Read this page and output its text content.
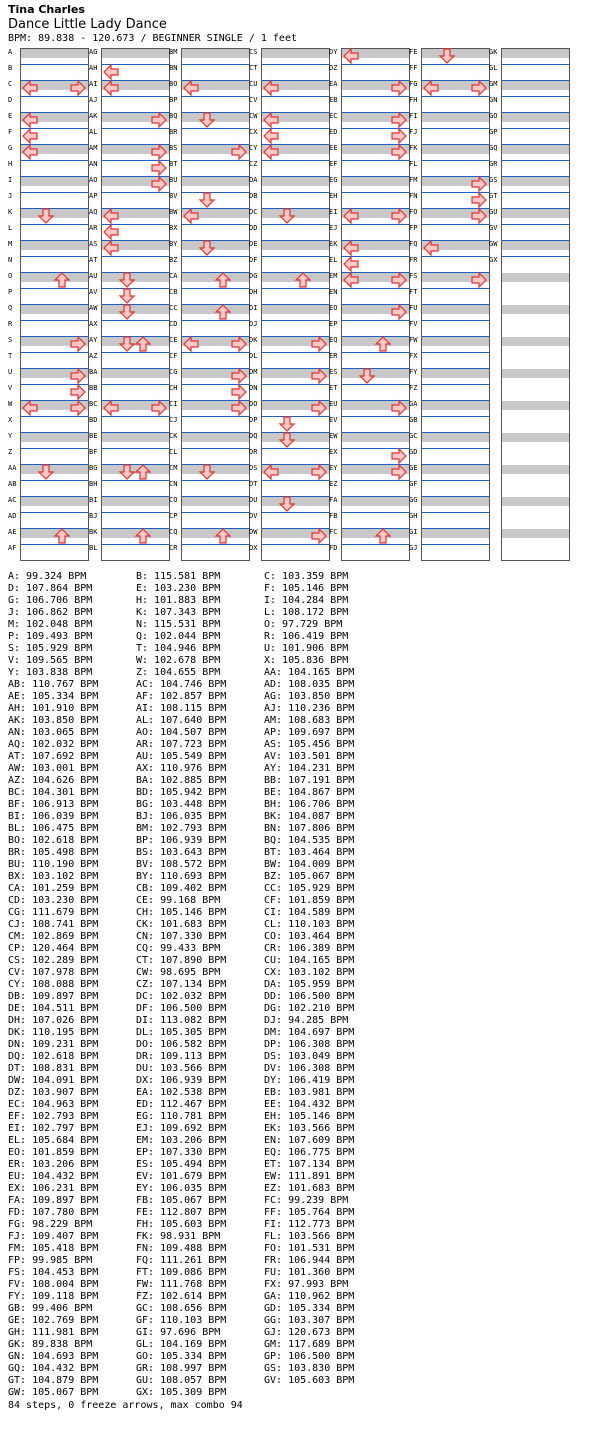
Tina Charles
Dance Little Lady Dance
BPM: 89.838 - 120.673 / BEGINNER SINGLE / 1 feet
A
B
C
D
E
F
G
H
I
J
K
L
M
N
O
P
Q
R
S
T
U
V
W
X
Y
Z
AA
AB
AC
AD
AE
AF
AG
AH
AI
AJ
AK
AL
AM
AN
AO
AP
AQ
AR
AS
AT
AU
AV
AW
AX
AY
AZ
BA
BB
BC
BD
BE
BF
BG
BH
BI
BJ
BK
BL
BM
BN
BO
BP
BQ
BR
BS
BT
BU
BV
BW
BX
BY
BZ
CA
CB
CC
CD
CE
CF
CG
CH
CI
CJ
CK
CL
CM
CN
CO
CP
CQ
CR
CS
CT
CU
CV
CW
CX
CY
CZ
DA
DB
DC
DD
DE
DF
DG
DH
DI
DJ
DK
DL
DM
DN
DO
DP
DQ
DR
DS
DT
DU
DV
DW
DX
DY
DZ
EA
EB
EC
ED
EE
EF
EG
EH
EI
EJ
EK
EL
EM
EN
EO
EP
EQ
ER
ES
ET
EU
EV
EW
EX
EY
EZ
FA
FB
FC
FD
FE
FF
FG
FH
FI
FJ
FK
FL
FM
FN
FO
FP
FQ
FR
FS
FT
FU
FV
FW
FX
FY
FZ
GA
GB
GC
GD
GE
GF
GG
GH
GI
GJ
GK
GL
GM
GN
GO
GP
GQ
GR
GS
GT
GU
GV
GW
GX
A: 99.324 BPM	B: 115.581 BPM	C: 103.359 BPM
D: 107.864 BPM	E: 103.230 BPM	F: 105.146 BPM
G: 106.706 BPM	H: 101.883 BPM	I: 104.284 BPM
J: 106.862 BPM	K: 107.343 BPM	L: 108.172 BPM
M: 102.048 BPM	N: 115.531 BPM	O: 97.729 BPM
P: 109.493 BPM	Q: 102.044 BPM	R: 106.419 BPM
S: 105.929 BPM	T: 104.946 BPM	U: 101.906 BPM
V: 109.565 BPM	W: 102.678 BPM	X: 105.836 BPM
Y: 103.838 BPM	Z: 104.655 BPM	AA: 104.165 BPM
AB: 110.767 BPM	AC: 104.746 BPM	AD: 108.035 BPM
AE: 105.334 BPM	AF: 102.857 BPM	AG: 103.850 BPM
AH: 101.910 BPM	AI: 108.115 BPM	AJ: 110.236 BPM
AK: 103.850 BPM	AL: 107.640 BPM	AM: 108.683 BPM
AN: 103.065 BPM	AO: 104.507 BPM	AP: 109.697 BPM
AQ: 102.032 BPM	AR: 107.723 BPM	AS: 105.456 BPM
AT: 107.692 BPM	AU: 105.549 BPM	AV: 103.501 BPM
AW: 103.001 BPM	AX: 110.976 BPM	AY: 104.231 BPM
AZ: 104.626 BPM	BA: 102.885 BPM	BB: 107.191 BPM
BC: 104.301 BPM	BD: 105.942 BPM	BE: 104.867 BPM
BF: 106.913 BPM	BG: 103.448 BPM	BH: 106.706 BPM
BI: 106.039 BPM	BJ: 106.035 BPM	BK: 104.087 BPM
BL: 106.475 BPM	BM: 102.793 BPM	BN: 107.806 BPM
BO: 102.618 BPM	BP: 106.939 BPM	BQ: 104.535 BPM
BR: 105.498 BPM	BS: 103.643 BPM	BT: 103.464 BPM
BU: 110.190 BPM	BV: 108.572 BPM	BW: 104.009 BPM
BX: 103.102 BPM	BY: 110.693 BPM	BZ: 105.067 BPM
CA: 101.259 BPM	CB: 109.402 BPM	CC: 105.929 BPM
CD: 103.230 BPM	CE: 99.168 BPM	CF: 101.859 BPM
CG: 111.679 BPM	CH: 105.146 BPM	CI: 104.589 BPM
CJ: 108.741 BPM	CK: 101.683 BPM	CL: 110.103 BPM
CM: 102.869 BPM	CN: 107.330 BPM	CO: 103.464 BPM
CP: 120.464 BPM	CQ: 99.433 BPM	CR: 106.389 BPM
CS: 102.289 BPM	CT: 107.890 BPM	CU: 104.165 BPM
CV: 107.978 BPM	CW: 98.695 BPM	CX: 103.102 BPM
CY: 108.088 BPM	CZ: 107.134 BPM	DA: 105.959 BPM
DB: 109.897 BPM	DC: 102.032 BPM	DD: 106.500 BPM
DE: 104.511 BPM	DF: 106.500 BPM	DG: 102.210 BPM
DH: 107.026 BPM	DI: 113.082 BPM	DJ: 94.285 BPM
DK: 110.195 BPM	DL: 105.305 BPM	DM: 104.697 BPM
DN: 109.231 BPM	DO: 106.582 BPM	DP: 106.308 BPM
DQ: 102.618 BPM	DR: 109.113 BPM	DS: 103.049 BPM
DT: 108.831 BPM	DU: 103.566 BPM	DV: 106.308 BPM
DW: 104.091 BPM	DX: 106.939 BPM	DY: 106.419 BPM
DZ: 103.907 BPM	EA: 102.538 BPM	EB: 103.981 BPM
EC: 104.963 BPM	ED: 112.467 BPM	EE: 104.432 BPM
EF: 102.793 BPM	EG: 110.781 BPM	EH: 105.146 BPM
EI: 102.797 BPM	EJ: 109.692 BPM	EK: 103.566 BPM
EL: 105.684 BPM	EM: 103.206 BPM	EN: 107.609 BPM
EO: 101.859 BPM	EP: 107.330 BPM	EQ: 106.775 BPM
ER: 103.206 BPM	ES: 105.494 BPM	ET: 107.134 BPM
EU: 104.432 BPM	EV: 101.679 BPM	EW: 111.891 BPM
EX: 106.231 BPM	EY: 106.035 BPM	EZ: 101.683 BPM
FA: 109.897 BPM	FB: 105.067 BPM	FC: 99.239 BPM
FD: 107.780 BPM	FE: 112.807 BPM	FF: 105.764 BPM
FG: 98.229 BPM	FH: 105.603 BPM	FI: 112.773 BPM
FJ: 109.407 BPM	FK: 98.931 BPM	FL: 103.566 BPM
FM: 105.418 BPM	FN: 109.488 BPM	FO: 101.531 BPM
FP: 99.985 BPM	FQ: 111.261 BPM	FR: 106.944 BPM
FS: 104.453 BPM	FT: 109.086 BPM	FU: 101.360 BPM
FV: 108.004 BPM	FW: 111.768 BPM	FX: 97.993 BPM
FY: 109.118 BPM	FZ: 102.614 BPM	GA: 110.962 BPM
GB: 99.406 BPM	GC: 108.656 BPM	GD: 105.334 BPM
GE: 102.769 BPM	GF: 110.103 BPM	GG: 103.307 BPM
GH: 111.981 BPM	GI: 97.696 BPM	GJ: 120.673 BPM
GK: 89.838 BPM	GL: 104.169 BPM	GM: 117.689 BPM
GN: 104.693 BPM	GO: 105.334 BPM	GP: 106.500 BPM
GQ: 104.432 BPM	GR: 108.997 BPM	GS: 103.830 BPM
GT: 104.879 BPM	GU: 108.057 BPM	GV: 105.603 BPM
GW: 105.067 BPM	GX: 105.309 BPM
84 steps, 0 freeze arrows, max combo 94
